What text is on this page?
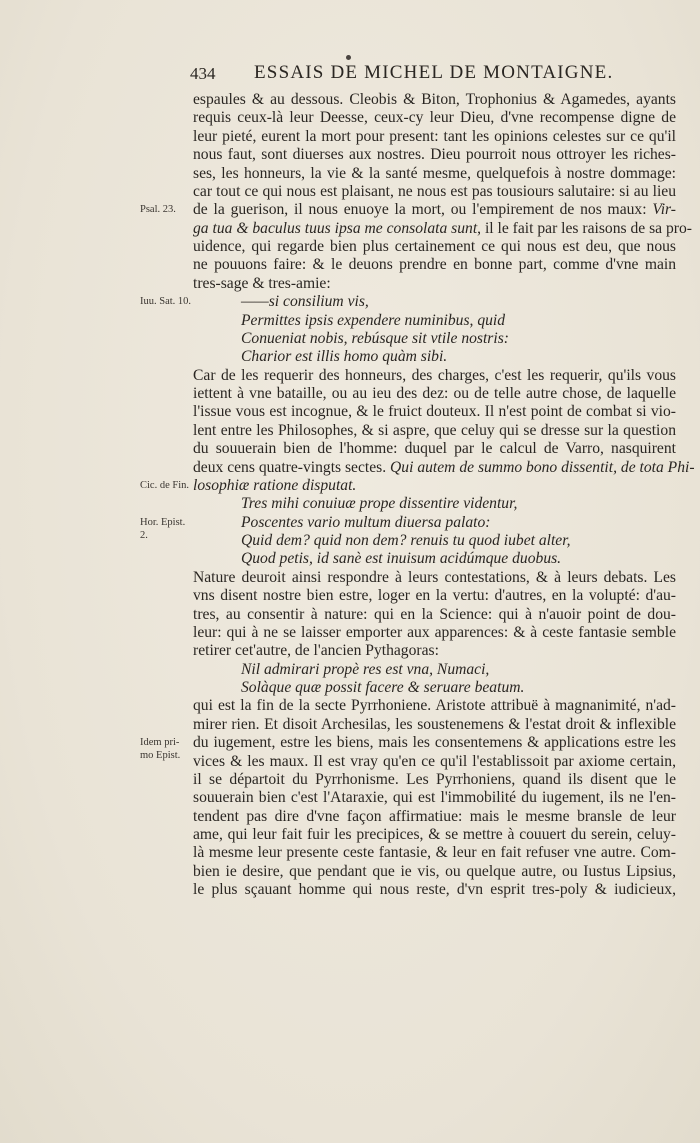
434 ESSAIS DE MICHEL DE MONTAIGNE.
Psal. 23.
Iuu. Sat. 10.
Cic. de Fin.
Hor. Epist. 2.
Idem pri- mo Epist.
espaules & au dessous. Cleobis & Biton, Trophonius & Agamedes, ayants
requis ceux-là leur Deesse, ceux-cy leur Dieu, d'vne recompense digne de
leur pieté, eurent la mort pour present: tant les opinions celestes sur ce qu'il
nous faut, sont diuerses aux nostres. Dieu pourroit nous ottroyer les riches-
ses, les honneurs, la vie & la santé mesme, quelquefois à nostre dommage:
car tout ce qui nous est plaisant, ne nous est pas tousiours salutaire: si au lieu
de la guerison, il nous enuoye la mort, ou l'empirement de nos maux: Vir-
ga tua & baculus tuus ipsa me consolata sunt, il le fait par les raisons de sa pro-
uidence, qui regarde bien plus certainement ce qui nous est deu, que nous
ne pouuons faire: & le deuons prendre en bonne part, comme d'vne main
tres-sage & tres-amie:
——si consilium vis,
Permittes ipsis expendere numinibus, quid
Conueniat nobis, rebúsque sit vtile nostris:
Charior est illis homo quàm sibi.
Car de les requerir des honneurs, des charges, c'est les requerir, qu'ils vous
iettent à vne bataille, ou au ieu des dez: ou de telle autre chose, de laquelle
l'issue vous est incognue, & le fruict douteux. Il n'est point de combat si vio-
lent entre les Philosophes, & si aspre, que celuy qui se dresse sur la question
du souuerain bien de l'homme: duquel par le calcul de Varro, nasquirent
deux cens quatre-vingts sectes. Qui autem de summo bono dissentit, de tota Phi-
losophiæ ratione disputat.
Tres mihi conuiuæ prope dissentire videntur,
Poscentes vario multum diuersa palato:
Quid dem? quid non dem? renuis tu quod iubet alter,
Quod petis, id sanè est inuisum acidúmque duobus.
Nature deuroit ainsi respondre à leurs contestations, & à leurs debats. Les
vns disent nostre bien estre, loger en la vertu: d'autres, en la volupté: d'au-
tres, au consentir à nature: qui en la Science: qui à n'auoir point de dou-
leur: qui à ne se laisser emporter aux apparences: & à ceste fantasie semble
retirer cet'autre, de l'ancien Pythagoras:
Nil admirari propè res est vna, Numaci,
Solàque quæ possit facere & seruare beatum.
qui est la fin de la secte Pyrrhoniene. Aristote attribuë à magnanimité, n'ad-
mirer rien. Et disoit Archesilas, les soustenemens & l'estat droit & inflexible
du iugement, estre les biens, mais les consentemens & applications estre les
vices & les maux. Il est vray qu'en ce qu'il l'establissoit par axiome certain,
il se départoit du Pyrrhonisme. Les Pyrrhoniens, quand ils disent que le
souuerain bien c'est l'Ataraxie, qui est l'immobilité du iugement, ils ne l'en-
tendent pas dire d'vne façon affirmatiue: mais le mesme bransle de leur
ame, qui leur fait fuir les precipices, & se mettre à couuert du serein, celuy-
là mesme leur presente ceste fantasie, & leur en fait refuser vne autre. Com-
bien ie desire, que pendant que ie vis, ou quelque autre, ou Iustus Lipsius,
le plus sçauant homme qui nous reste, d'vn esprit tres-poly & iudicieux,
